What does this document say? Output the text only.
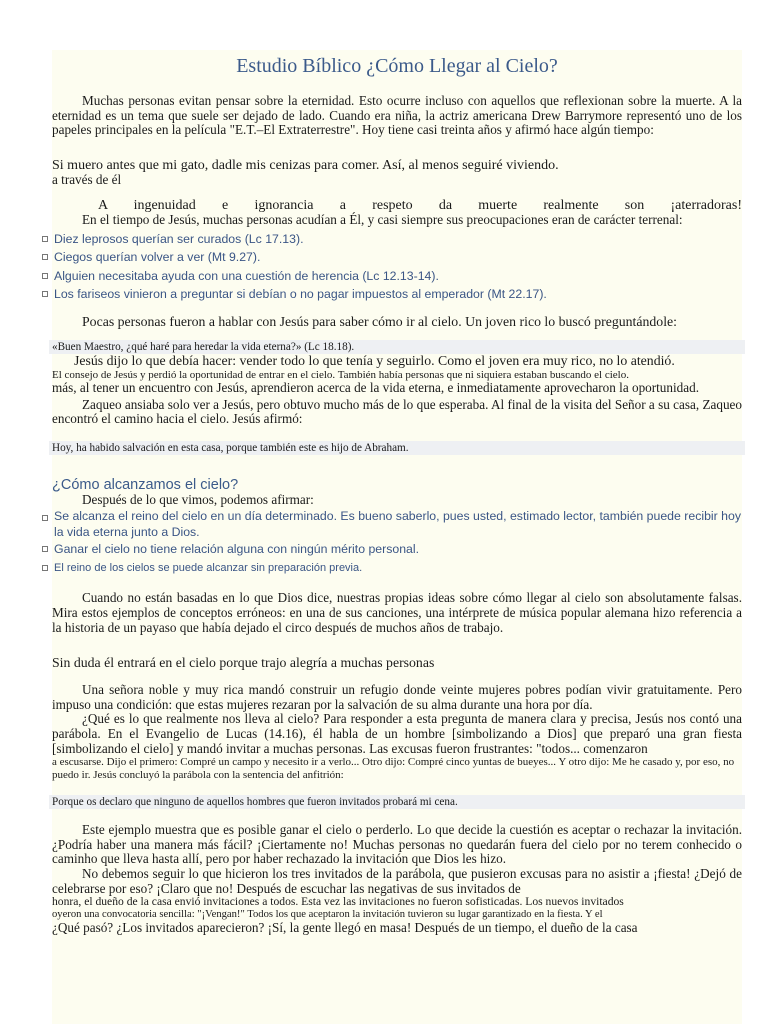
Estudio Bíblico ¿Cómo Llegar al Cielo?

Muchas personas evitan pensar sobre la eternidad. Esto ocurre incluso con aquellos que reflexionan sobre la muerte. A la eternidad es un tema que suele ser dejado de lado. Cuando era niña, la actriz americana Drew Barrymore representó uno de los papeles principales en la película "E.T.–El Extraterrestre". Hoy tiene casi treinta años y afirmó hace algún tiempo:

Si muero antes que mi gato, dadle mis cenizas para comer. Así, al menos seguiré viviendo.

a través de él

A ingenuidad e ignorancia a respeto da muerte realmente son ¡aterradoras!

En el tiempo de Jesús, muchas personas acudían a Él, y casi siempre sus preocupaciones eran de carácter terrenal:

Diez leprosos querían ser curados (Lc 17.13).
Ciegos querían volver a ver (Mt 9.27).
Alguien necesitaba ayuda con una cuestión de herencia (Lc 12.13-14).
Los fariseos vinieron a preguntar si debían o no pagar impuestos al emperador (Mt 22.17).

Pocas personas fueron a hablar con Jesús para saber cómo ir al cielo. Un joven rico lo buscó preguntándole:

«Buen Maestro, ¿qué haré para heredar la vida eterna?» (Lc 18.18).

Jesús dijo lo que debía hacer: vender todo lo que tenía y seguirlo. Como el joven era muy rico, no lo atendió.

El consejo de Jesús y perdió la oportunidad de entrar en el cielo. También había personas que ni siquiera estaban buscando el cielo.

más, al tener un encuentro con Jesús, aprendieron acerca de la vida eterna, e inmediatamente aprovecharon la oportunidad.

Zaqueo ansiaba solo ver a Jesús, pero obtuvo mucho más de lo que esperaba. Al final de la visita del Señor a su casa, Zaqueo encontró el camino hacia el cielo. Jesús afirmó:

Hoy, ha habido salvación en esta casa, porque también este es hijo de Abraham.

¿Cómo alcanzamos el cielo?

Después de lo que vimos, podemos afirmar:

Se alcanza el reino del cielo en un día determinado. Es bueno saberlo, pues usted, estimado lector, también puede recibir hoy la vida eterna junto a Dios.
Ganar el cielo no tiene relación alguna con ningún mérito personal.
El reino de los cielos se puede alcanzar sin preparación previa.

Cuando no están basadas en lo que Dios dice, nuestras propias ideas sobre cómo llegar al cielo son absolutamente falsas. Mira estos ejemplos de conceptos erróneos: en una de sus canciones, una intérprete de música popular alemana hizo referencia a la historia de un payaso que había dejado el circo después de muchos años de trabajo.

Sin duda él entrará en el cielo porque trajo alegría a muchas personas

Una señora noble y muy rica mandó construir un refugio donde veinte mujeres pobres podían vivir gratuitamente. Pero impuso una condición: que estas mujeres rezaran por la salvación de su alma durante una hora por día.

¿Qué es lo que realmente nos lleva al cielo? Para responder a esta pregunta de manera clara y precisa, Jesús nos contó una parábola. En el Evangelio de Lucas (14.16), él habla de un hombre [simbolizando a Dios] que preparó una gran fiesta [simbolizando el cielo] y mandó invitar a muchas personas. Las excusas fueron frustrantes: "todos... comenzaron

a escusarse. Dijo el primero: Compré un campo y necesito ir a verlo... Otro dijo: Compré cinco yuntas de bueyes... Y otro dijo: Me he casado y, por eso, no puedo ir. Jesús concluyó la parábola con la sentencia del anfitrión:

Porque os declaro que ninguno de aquellos hombres que fueron invitados probará mi cena.

Este ejemplo muestra que es posible ganar el cielo o perderlo. Lo que decide la cuestión es aceptar o rechazar la invitación. ¿Podría haber una manera más fácil? ¡Ciertamente no! Muchas personas no quedarán fuera del cielo por no terem conhecido o caminho que lleva hasta allí, pero por haber rechazado la invitación que Dios les hizo.

No debemos seguir lo que hicieron los tres invitados de la parábola, que pusieron excusas para no asistir a ¡fiesta! ¿Dejó de celebrarse por eso? ¡Claro que no! Después de escuchar las negativas de sus invitados de

honra, el dueño de la casa envió invitaciones a todos. Esta vez las invitaciones no fueron sofisticadas. Los nuevos invitados

oyeron una convocatoria sencilla: "¡Vengan!" Todos los que aceptaron la invitación tuvieron su lugar garantizado en la fiesta. Y el

¿Qué pasó? ¿Los invitados aparecieron? ¡Sí, la gente llegó en masa! Después de un tiempo, el dueño de la casa
